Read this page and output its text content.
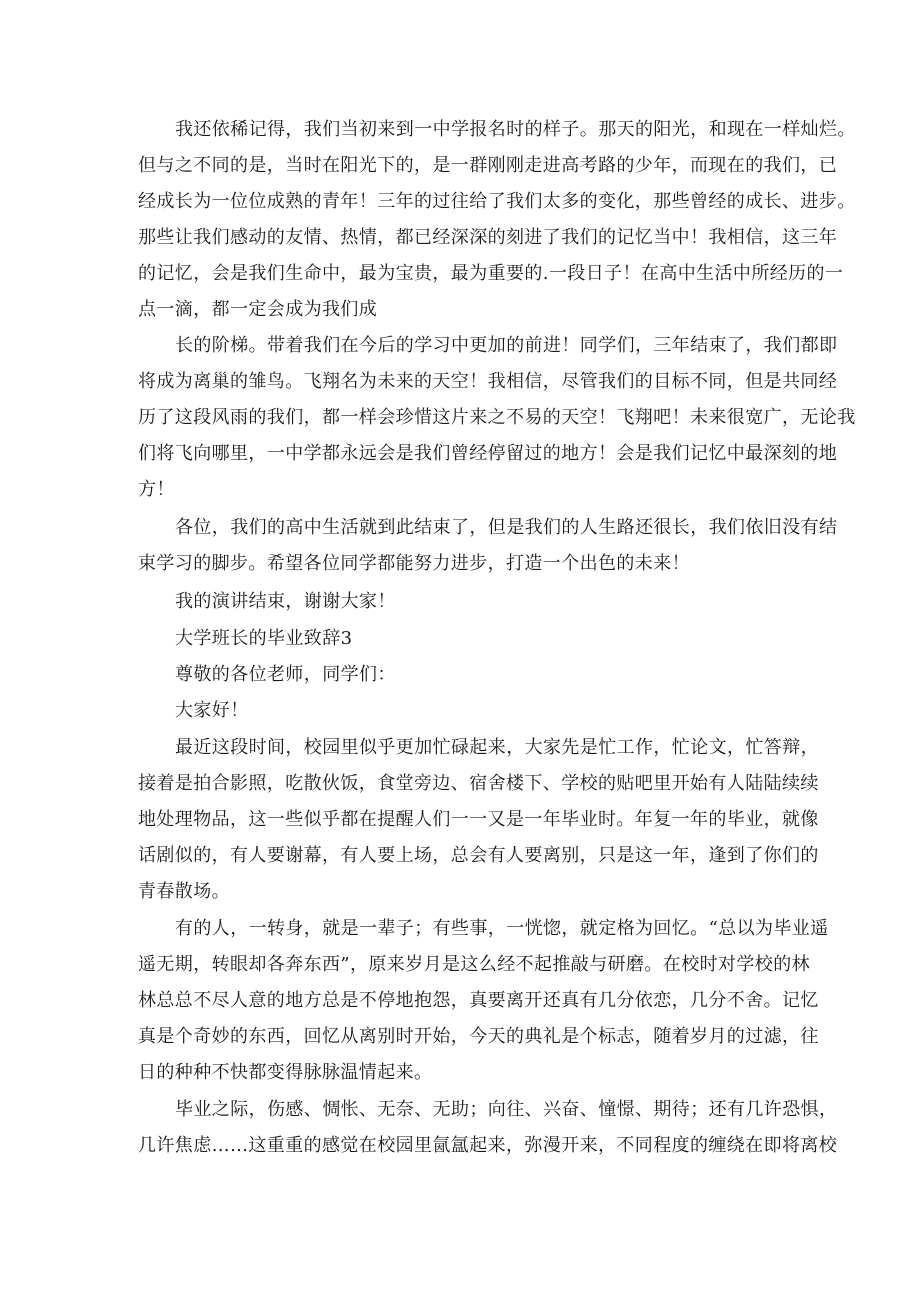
我还依稀记得，我们当初来到一中学报名时的样子。那天的阳光，和现在一样灿烂。
但与之不同的是，当时在阳光下的，是一群刚刚走进高考路的少年，而现在的我们，已
经成长为一位位成熟的青年！三年的过往给了我们太多的变化，那些曾经的成长、进步。
那些让我们感动的友情、热情，都已经深深的刻进了我们的记忆当中！我相信，这三年
的记忆，会是我们生命中，最为宝贵，最为重要的.一段日子！在高中生活中所经历的一
点一滴，都一定会成为我们成
长的阶梯。带着我们在今后的学习中更加的前进！同学们，三年结束了，我们都即
将成为离巢的雏鸟。飞翔名为未来的天空！我相信，尽管我们的目标不同，但是共同经
历了这段风雨的我们，都一样会珍惜这片来之不易的天空！飞翔吧！未来很宽广，无论我
们将飞向哪里，一中学都永远会是我们曾经停留过的地方！会是我们记忆中最深刻的地
方！
各位，我们的高中生活就到此结束了，但是我们的人生路还很长，我们依旧没有结
束学习的脚步。希望各位同学都能努力进步，打造一个出色的未来！
我的演讲结束，谢谢大家！
大学班长的毕业致辞3
尊敬的各位老师，同学们：
大家好！
最近这段时间，校园里似乎更加忙碌起来，大家先是忙工作，忙论文，忙答辩，
接着是拍合影照，吃散伙饭，食堂旁边、宿舍楼下、学校的贴吧里开始有人陆陆续续
地处理物品，这一些似乎都在提醒人们一一又是一年毕业时。年复一年的毕业，就像
话剧似的，有人要谢幕，有人要上场，总会有人要离别，只是这一年，逢到了你们的
青春散场。
有的人，一转身，就是一辈子；有些事，一恍惚，就定格为回忆。“总以为毕业遥
遥无期，转眼却各奔东西”，原来岁月是这么经不起推敲与研磨。在校时对学校的林
林总总不尽人意的地方总是不停地抱怨，真要离开还真有几分依恋，几分不舍。记忆
真是个奇妙的东西，回忆从离别时开始，今天的典礼是个标志，随着岁月的过滤，往
日的种种不快都变得脉脉温情起来。
毕业之际，伤感、惆怅、无奈、无助；向往、兴奋、憧憬、期待；还有几许恐惧，
几许焦虑……这重重的感觉在校园里氤氲起来，弥漫开来，不同程度的缠绕在即将离校
